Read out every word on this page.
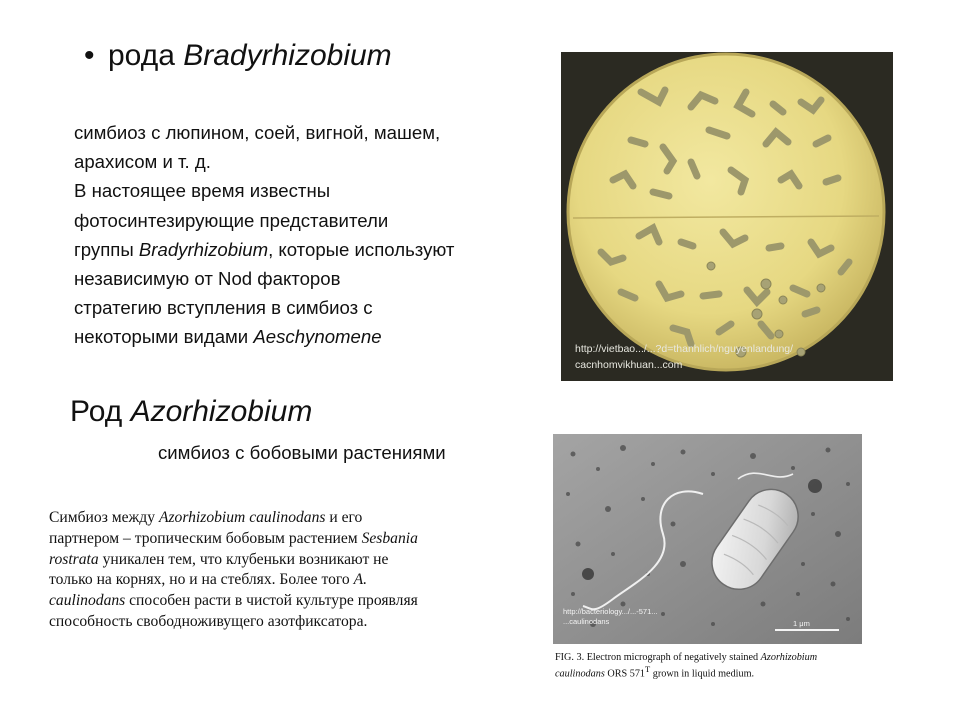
• рода Bradyrhizobium
симбиоз с люпином, соей, вигной, машем,
арахисом и т. д.
В настоящее время известны
фотосинтезирующие представители
группы Bradyrhizobium, которые используют
независимую от Nod факторов
стратегию вступления в симбиоз с
некоторыми видами Aeschynomene
http://vietbao.../...?d=thanhlich/nguyenlandung/
cacnhomvikhuan...com
Род Azorhizobium
симбиоз с бобовыми растениями
Симбиоз между Azorhizobium caulinodans и его
партнером – тропическим бобовым растением Sesbania
rostrata уникален тем, что клубеньки возникают не
только на корнях, но и на стеблях. Более того A.
caulinodans способен расти в чистой культуре проявляя
способность свободноживущего азотфиксатора.	1 μm
http://bacteriology.../...-571...
...caulinodans
FIG. 3. Electron micrograph of negatively stained Azorhizobium
caulinodans ORS $571^T$ grown in liquid medium.
